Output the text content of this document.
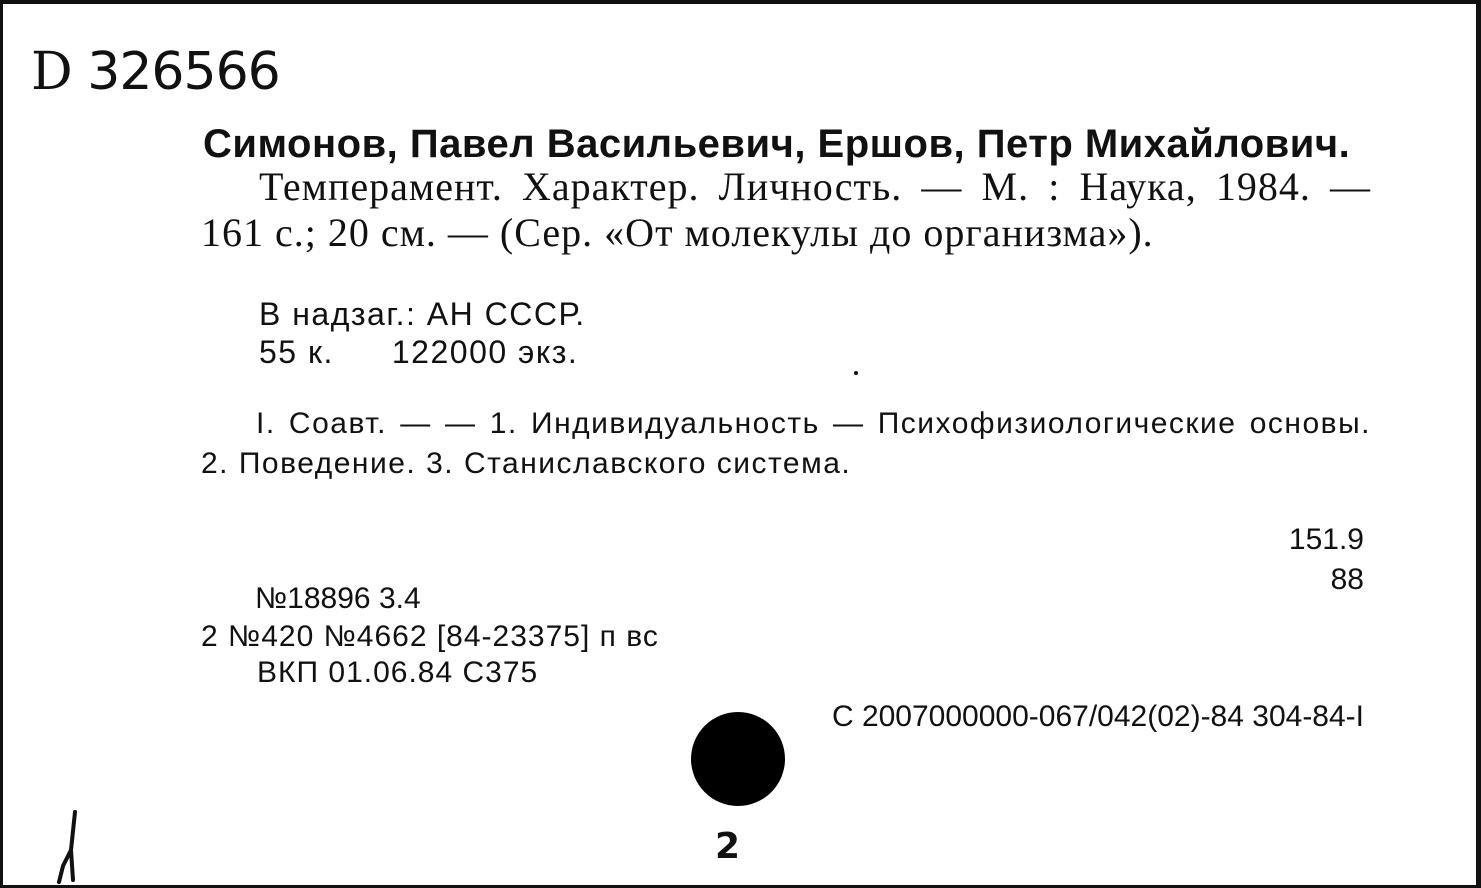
D 326566
Симонов, Павел Васильевич, Ершов, Петр Михайлович.
Темперамент. Характер. Личность. — М. : Наука, 1984. — 161 с.; 20 см. — (Сер. «От молекулы до организма»).
В надзаг.: АН СССР.
55 к. 122000 экз.
I. Соавт. — — 1. Индивидуальность — Психофизиологические основы. 2. Поведение. 3. Станиславского система.
151.9
88
№18896 3.4
2 №420 №4662 [84-23375] п вс
ВКП 01.06.84 С375
С 2007000000-067/042(02)-84 304-84-I
2
